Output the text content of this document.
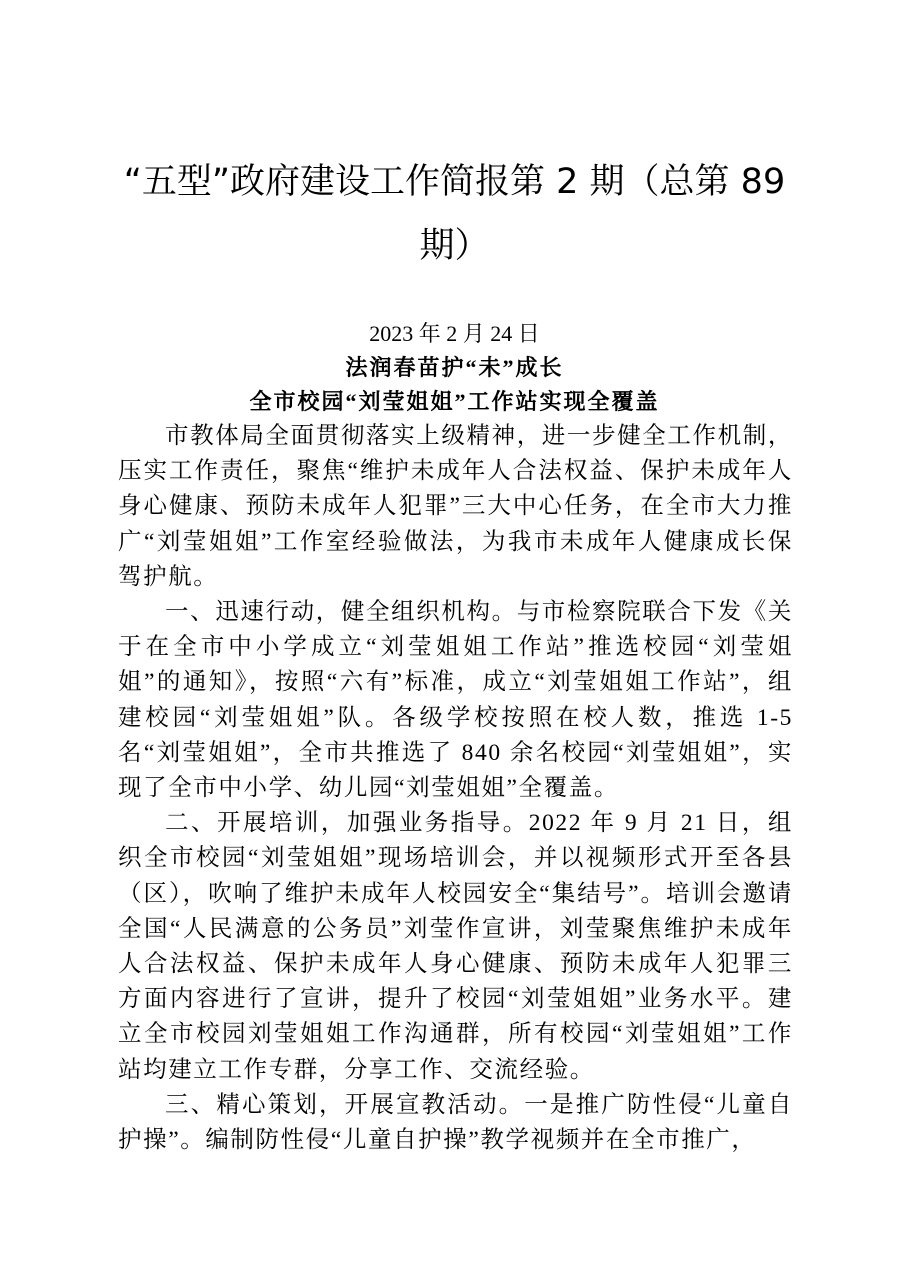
“五型”政府建设工作简报第 2 期（总第 89 期）

2023 年 2 月 24 日

法润春苗护“未”成长

全市校园“刘莹姐姐”工作站实现全覆盖

市教体局全面贯彻落实上级精神，进一步健全工作机制，压实工作责任，聚焦“维护未成年人合法权益、保护未成年人身心健康、预防未成年人犯罪”三大中心任务，在全市大力推广“刘莹姐姐”工作室经验做法，为我市未成年人健康成长保驾护航。

一、迅速行动，健全组织机构。与市检察院联合下发《关于在全市中小学成立“刘莹姐姐工作站”推选校园“刘莹姐姐”的通知》，按照“六有”标准，成立“刘莹姐姐工作站”，组建校园“刘莹姐姐”队。各级学校按照在校人数，推选 1-5 名“刘莹姐姐”，全市共推选了 840 余名校园“刘莹姐姐”，实现了全市中小学、幼儿园“刘莹姐姐”全覆盖。

二、开展培训，加强业务指导。2022 年 9 月 21 日，组织全市校园“刘莹姐姐”现场培训会，并以视频形式开至各县（区），吹响了维护未成年人校园安全“集结号”。培训会邀请全国“人民满意的公务员”刘莹作宣讲，刘莹聚焦维护未成年人合法权益、保护未成年人身心健康、预防未成年人犯罪三方面内容进行了宣讲，提升了校园“刘莹姐姐”业务水平。建立全市校园刘莹姐姐工作沟通群，所有校园“刘莹姐姐”工作站均建立工作专群，分享工作、交流经验。

三、精心策划，开展宣教活动。一是推广防性侵“儿童自护操”。编制防性侵“儿童自护操”教学视频并在全市推广，
